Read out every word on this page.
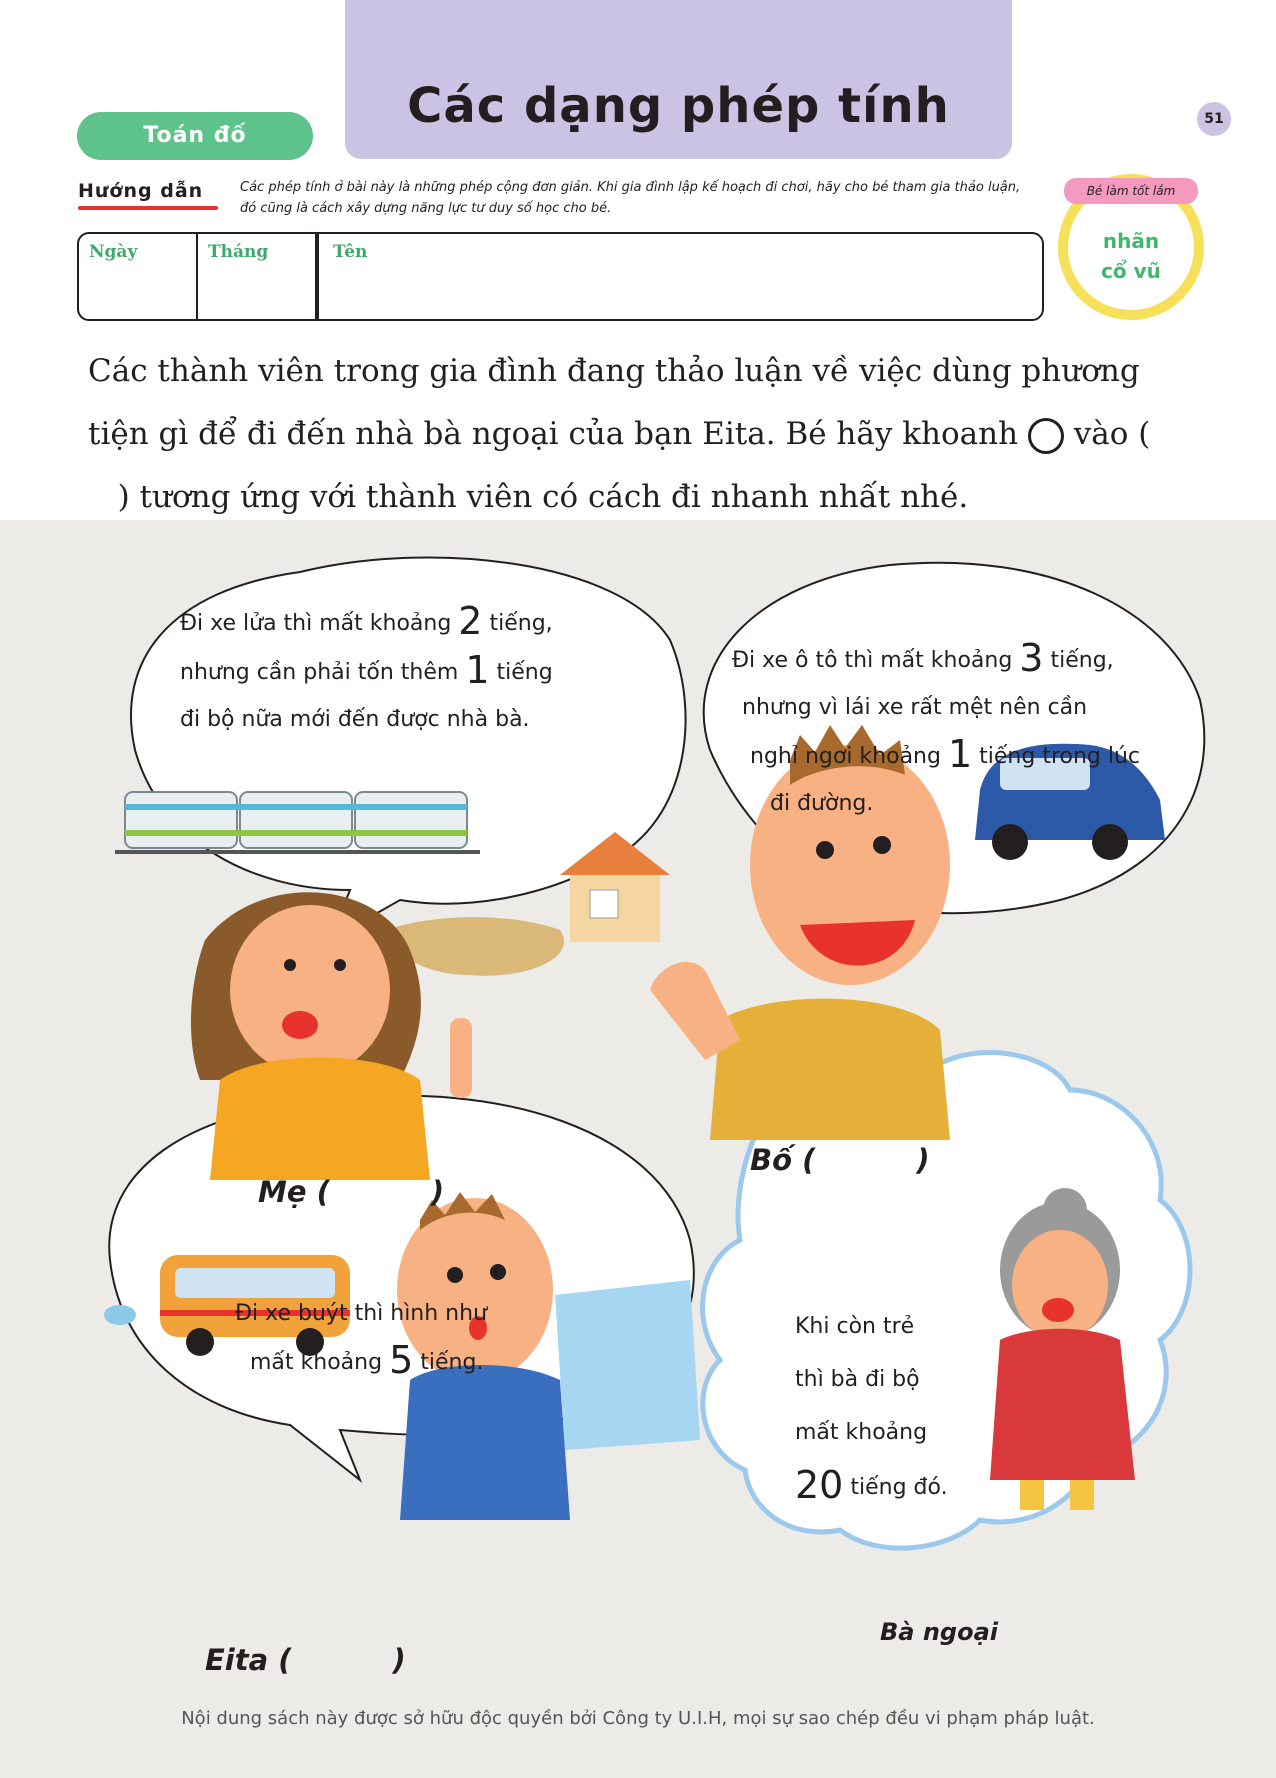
Các dạng phép tính
Toán đố
51
Hướng dẫn	Các phép tính ở bài này là những phép cộng đơn giản. Khi gia đình lập kế hoạch đi chơi, hãy cho bé tham gia thảo luận, đó cũng là cách xây dựng năng lực tư duy số học cho bé.
Ngày	Tháng	Tên
Bé làm tốt lắm
nhãn
cổ vũ
Các thành viên trong gia đình đang thảo luận về việc dùng phương tiện gì để đi đến nhà bà ngoại của bạn Eita. Bé hãy khoanh vào (    ) tương ứng với thành viên có cách đi nhanh nhất nhé.
Đi xe lửa thì mất khoảng 2 tiếng,
nhưng cần phải tốn thêm 1 tiếng
đi bộ nữa mới đến được nhà bà.
Đi xe ô tô thì mất khoảng 3 tiếng,
nhưng vì lái xe rất mệt nên cần
nghỉ ngơi khoảng 1 tiếng trong lúc
đi đường.
Đi xe buýt thì hình như
mất khoảng 5 tiếng.
Khi còn trẻ
thì bà đi bộ
mất khoảng
20 tiếng đó.
Mẹ (          )
Bố (          )
Eita (          )
Bà ngoại
Nội dung sách này được sở hữu độc quyền bởi Công ty U.I.H, mọi sự sao chép đều vi phạm pháp luật.
